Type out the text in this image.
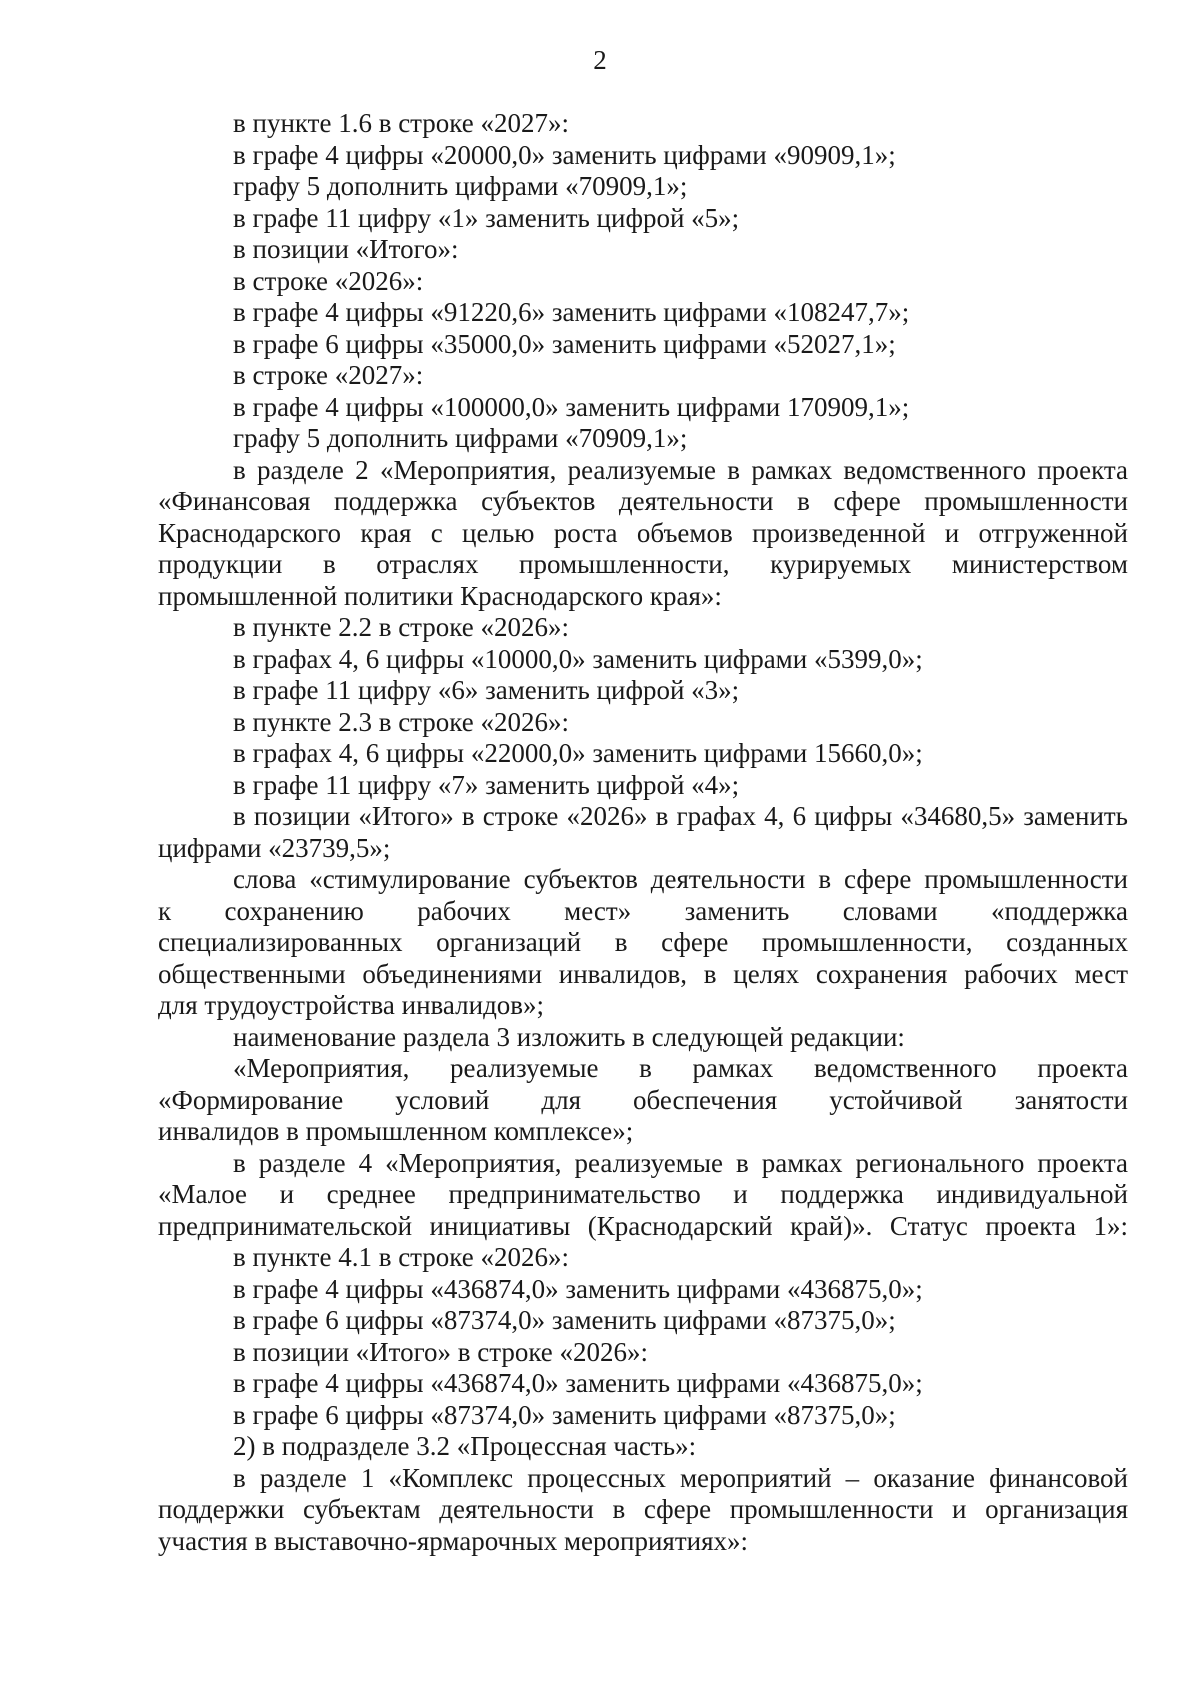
2
в пункте 1.6 в строке «2027»:
в графе 4 цифры «20000,0» заменить цифрами «90909,1»;
графу 5 дополнить цифрами «70909,1»;
в графе 11 цифру «1» заменить цифрой «5»;
в позиции «Итого»:
в строке «2026»:
в графе 4 цифры «91220,6» заменить цифрами «108247,7»;
в графе 6 цифры «35000,0» заменить цифрами «52027,1»;
в строке «2027»:
в графе 4 цифры «100000,0» заменить цифрами 170909,1»;
графу 5 дополнить цифрами «70909,1»;
в разделе 2 «Мероприятия, реализуемые в рамках ведомственного проекта
«Финансовая поддержка субъектов деятельности в сфере промышленности
Краснодарского края с целью роста объемов произведенной и отгруженной
продукции в отраслях промышленности, курируемых министерством
промышленной политики Краснодарского края»:
в пункте 2.2 в строке «2026»:
в графах 4, 6 цифры «10000,0» заменить цифрами «5399,0»;
в графе 11 цифру «6» заменить цифрой «3»;
в пункте 2.3 в строке «2026»:
в графах 4, 6 цифры «22000,0» заменить цифрами 15660,0»;
в графе 11 цифру «7» заменить цифрой «4»;
в позиции «Итого» в строке «2026» в графах 4, 6 цифры «34680,5» заменить
цифрами «23739,5»;
слова «стимулирование субъектов деятельности в сфере промышленности
к сохранению рабочих мест» заменить словами «поддержка
специализированных организаций в сфере промышленности, созданных
общественными объединениями инвалидов, в целях сохранения рабочих мест
для трудоустройства инвалидов»;
наименование раздела 3 изложить в следующей редакции:
«Мероприятия, реализуемые в рамках ведомственного проекта
«Формирование условий для обеспечения устойчивой занятости
инвалидов в промышленном комплексе»;
в разделе 4 «Мероприятия, реализуемые в рамках регионального проекта
«Малое и среднее предпринимательство и поддержка индивидуальной
предпринимательской инициативы (Краснодарский край)». Статус проекта 1»:
в пункте 4.1 в строке «2026»:
в графе 4 цифры «436874,0» заменить цифрами «436875,0»;
в графе 6 цифры «87374,0» заменить цифрами «87375,0»;
в позиции «Итого» в строке «2026»:
в графе 4 цифры «436874,0» заменить цифрами «436875,0»;
в графе 6 цифры «87374,0» заменить цифрами «87375,0»;
2) в подразделе 3.2 «Процессная часть»:
в разделе 1 «Комплекс процессных мероприятий – оказание финансовой
поддержки субъектам деятельности в сфере промышленности и организация
участия в выставочно-ярмарочных мероприятиях»:
